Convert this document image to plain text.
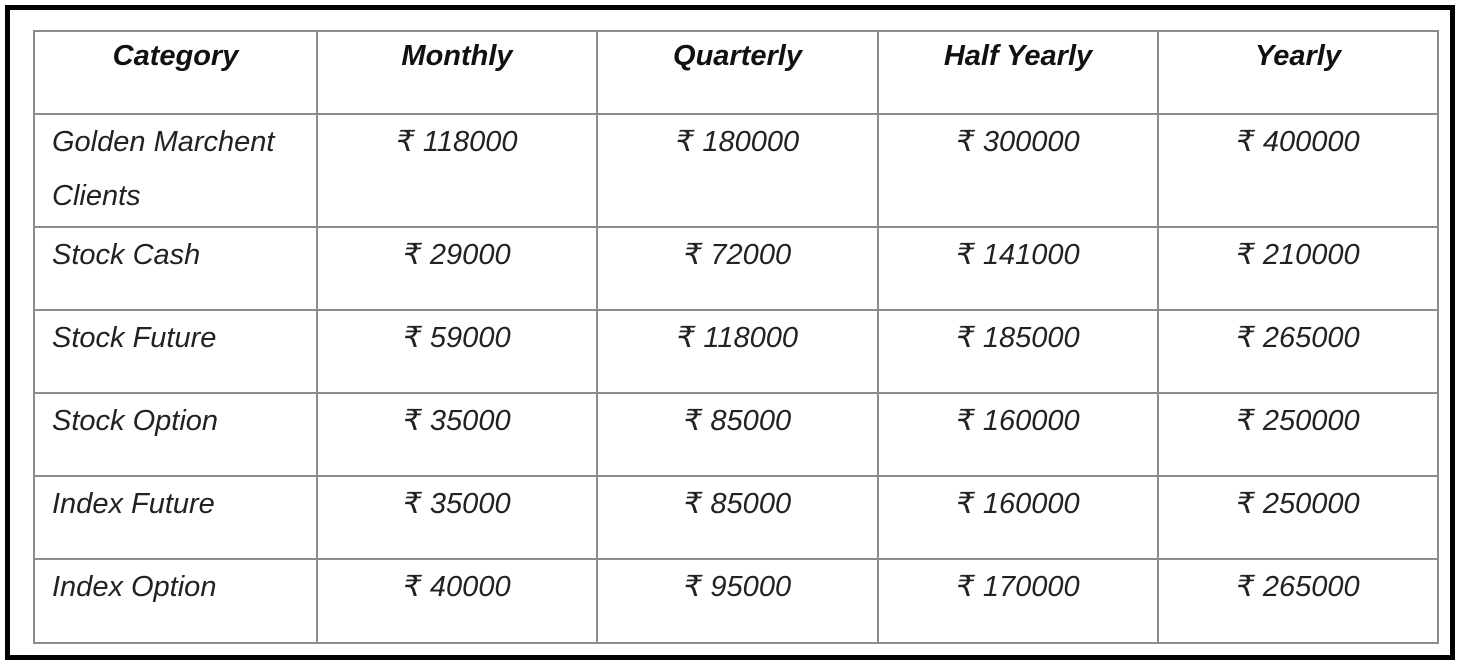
Category	Monthly	Quarterly	Half Yearly	Yearly
Golden Marchent
Clients	₹ 118000	₹ 180000	₹ 300000	₹ 400000
Stock Cash	₹ 29000	₹ 72000	₹ 141000	₹ 210000
Stock Future	₹ 59000	₹ 118000	₹ 185000	₹ 265000
Stock Option	₹ 35000	₹ 85000	₹ 160000	₹ 250000
Index Future	₹ 35000	₹ 85000	₹ 160000	₹ 250000
Index Option	₹ 40000	₹ 95000	₹ 170000	₹ 265000
